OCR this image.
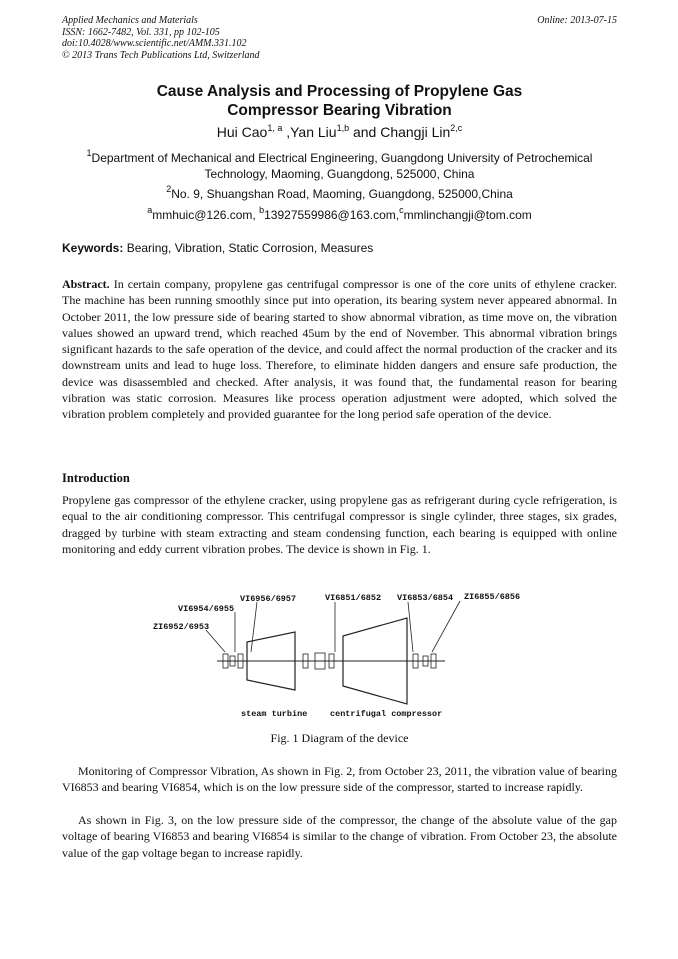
Applied Mechanics and Materials
ISSN: 1662-7482, Vol. 331, pp 102-105
doi:10.4028/www.scientific.net/AMM.331.102
© 2013 Trans Tech Publications Ltd, Switzerland
Online: 2013-07-15
Cause Analysis and Processing of Propylene Gas
Compressor Bearing Vibration
Hui Cao$^{1, a}$ ,Yan Liu$^{1,b}$ and Changji Lin$^{2,c}$
$^1$Department of Mechanical and Electrical Engineering, Guangdong University of Petrochemical
Technology, Maoming, Guangdong, 525000, China
$^2$No. 9, Shuangshan Road, Maoming, Guangdong, 525000,China
$^a$mmhuic@126.com, $^b$13927559986@163.com,$^c$mmlinchangji@tom.com
Keywords: Bearing, Vibration, Static Corrosion, Measures
Abstract. In certain company, propylene gas centrifugal compressor is one of the core units of ethylene cracker. The machine has been running smoothly since put into operation, its bearing system never appeared abnormal. In October 2011, the low pressure side of bearing started to show abnormal vibration, as time move on, the vibration values showed an upward trend, which reached 45um by the end of November. This abnormal vibration brings significant hazards to the safe operation of the device, and could affect the normal production of the cracker and its downstream units and lead to huge loss. Therefore, to eliminate hidden dangers and ensure safe production, the device was disassembled and checked. After analysis, it was found that, the fundamental reason for bearing vibration was static corrosion. Measures like process operation adjustment were adopted, which solved the vibration problem completely and provided guarantee for the long period safe operation of the device.
Introduction
Propylene gas compressor of the ethylene cracker, using propylene gas as refrigerant during cycle refrigeration, is equal to the air conditioning compressor. This centrifugal compressor is single cylinder, three stages, six grades, dragged by turbine with steam extracting and steam condensing function, each bearing is equipped with online monitoring and eddy current vibration probes. The device is shown in Fig. 1.
VI6956/6957	VI6851/6852 VI6853/6854 ZI6855/6856
VI6954/6955
ZI6952/6953
steam turbine	centrifugal compressor
Fig. 1 Diagram of the device
Monitoring of Compressor Vibration, As shown in Fig. 2, from October 23, 2011, the vibration value of bearing VI6853 and bearing VI6854, which is on the low pressure side of the compressor, started to increase rapidly.
As shown in Fig. 3, on the low pressure side of the compressor, the change of the absolute value of the gap voltage of bearing VI6853 and bearing VI6854 is similar to the change of vibration. From October 23, the absolute value of the gap voltage began to increase rapidly.
